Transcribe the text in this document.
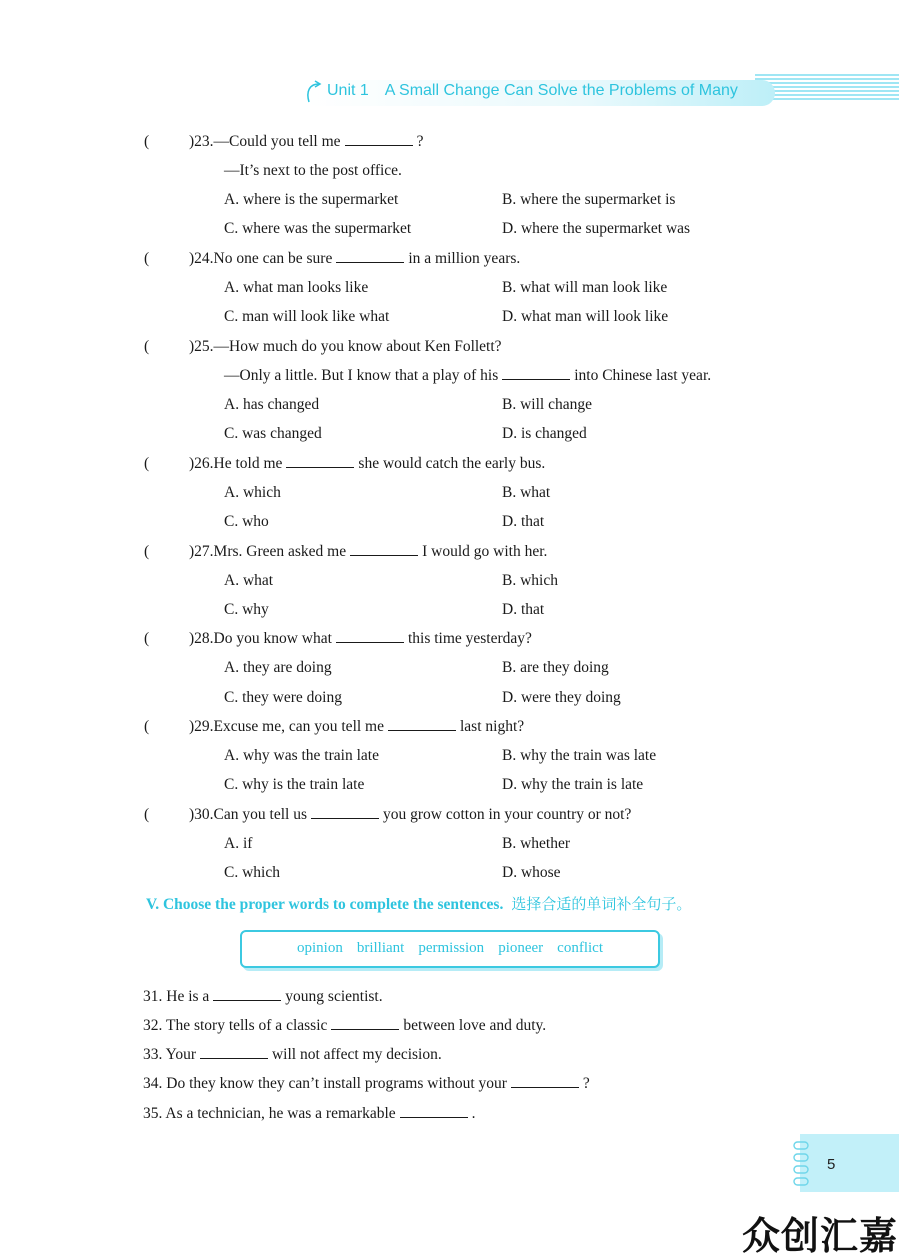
Unit 1 A Small Change Can Solve the Problems of Many
(	)23.—Could you tell me	?
—It’s next to the post office.
A. where is the supermarket	B. where the supermarket is
C. where was the supermarket	D. where the supermarket was
(	)24.No one can be sure	in a million years.
A. what man looks like	B. what will man look like
C. man will look like what	D. what man will look like
(	)25.—How much do you know about Ken Follett?
—Only a little. But I know that a play of his	into Chinese last year.
A. has changed	B. will change
C. was changed	D. is changed
(	)26.He told me	she would catch the early bus.
A. which	B. what
C. who	D. that
(	)27.Mrs. Green asked me	I would go with her.
A. what	B. which
C. why	D. that
(	)28.Do you know what	this time yesterday?
A. they are doing	B. are they doing
C. they were doing	D. were they doing
(	)29.Excuse me, can you tell me	last night?
A. why was the train late	B. why the train was late
C. why is the train late	D. why the train is late
(	)30.Can you tell us	you grow cotton in your country or not?
A. if	B. whether
C. which	D. whose
V. Choose the proper words to complete the sentences. 选择合适的单词补全句子。
opinion brilliant permission pioneer conflict
31. He is a	young scientist.
32. The story tells of a classic	between love and duty.
33. Your	will not affect my decision.
34. Do they know they can’t install programs without your	?
35. As a technician, he was a remarkable	.
5
众创汇嘉
